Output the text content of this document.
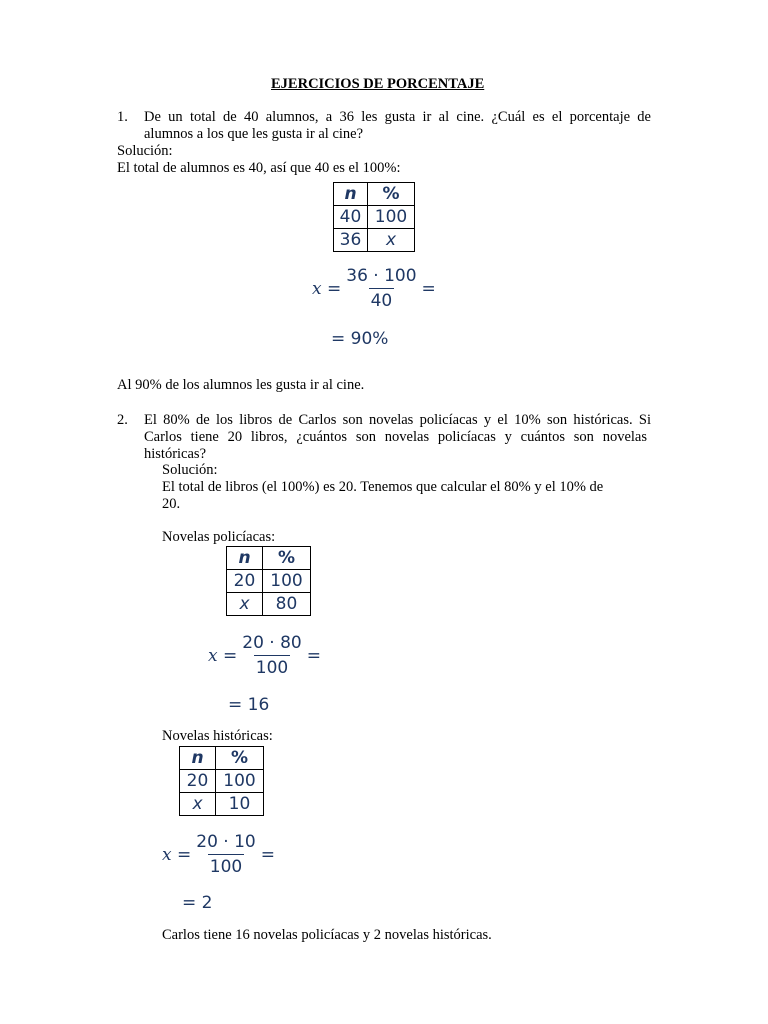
EJERCICIOS DE PORCENTAJE
1. De un total de 40 alumnos, a 36 les gusta ir al cine. ¿Cuál es el porcentaje de
alumnos a los que les gusta ir al cine?
Solución:
El total de alumnos es 40, así que 40 es el 100%:
n	%
40	100
36	x
$x = \frac{36 \cdot 100}{40}$ =
= 90%
Al 90% de los alumnos les gusta ir al cine.
2. El 80% de los libros de Carlos son novelas policíacas y el 10% son históricas. Si
Carlos tiene 20 libros, ¿cuántos son novelas policíacas y cuántos son novelas
históricas?
Solución:
El total de libros (el 100%) es 20. Tenemos que calcular el 80% y el 10% de
20.
Novelas policíacas:
n	%
20	100
x	80
$x = \frac{20 \cdot 80}{100}$ =
= 16
Novelas históricas:
n	%
20	100
x	10
$x = \frac{20 \cdot 10}{100}$ =
= 2
Carlos tiene 16 novelas policíacas y 2 novelas históricas.
